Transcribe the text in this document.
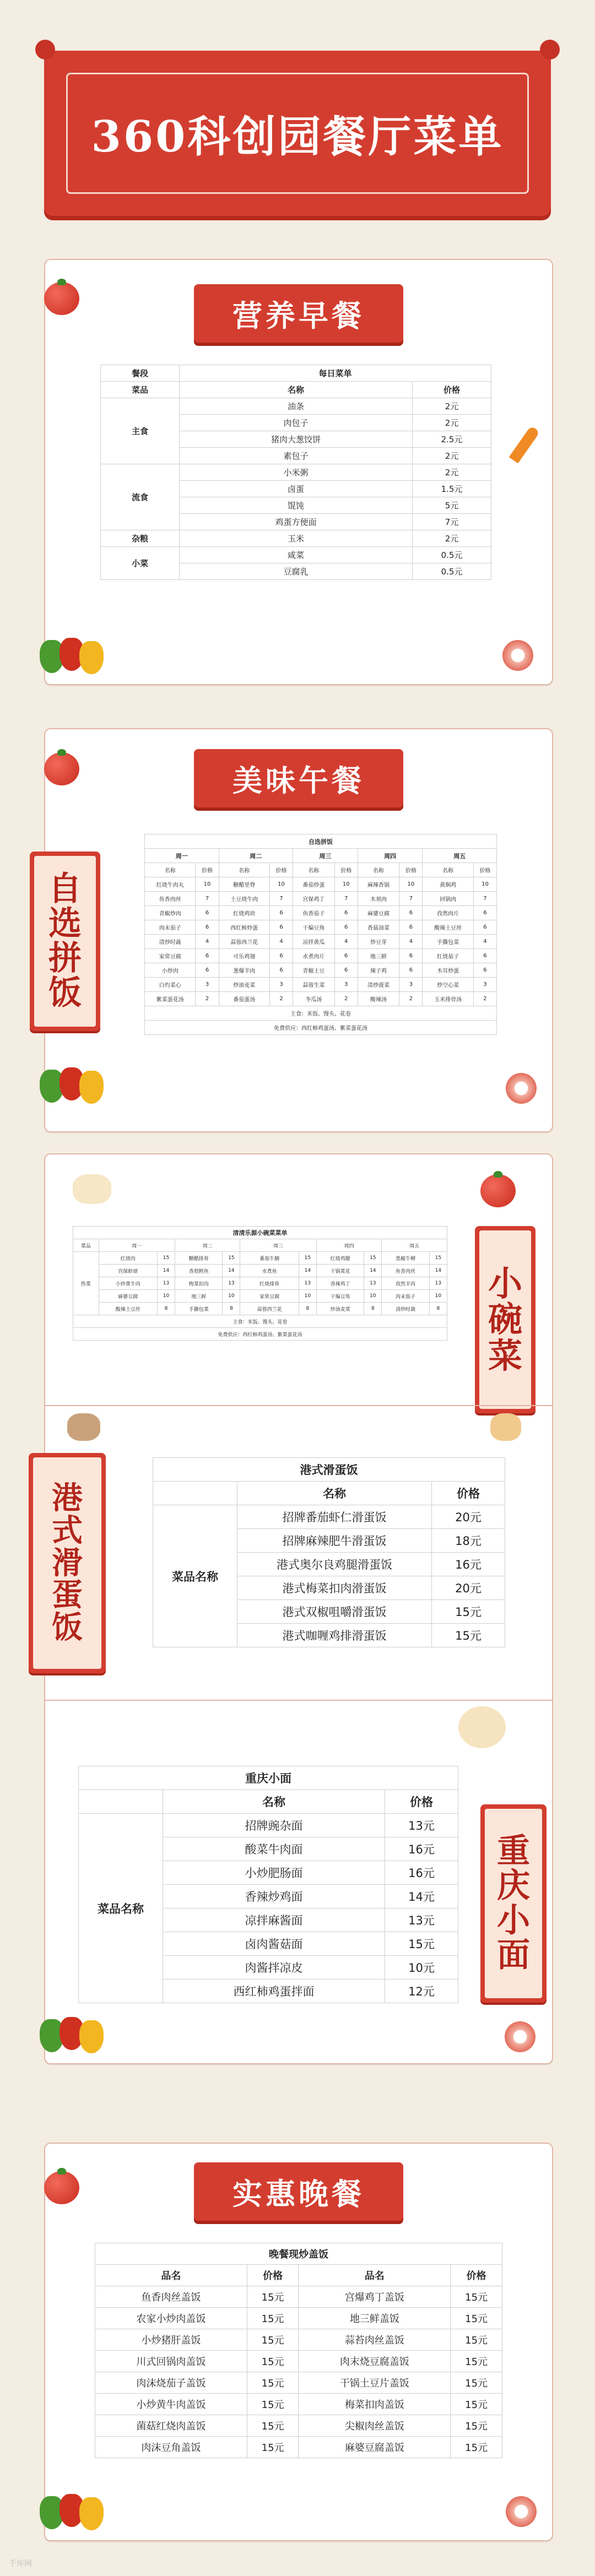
360科创园餐厅菜单
营养早餐
餐段	每日菜单	
菜品	名称	价格
主食	油条	2元
	肉包子	2元
	猪肉大葱饺饼	2.5元
	素包子	2元
流食	小米粥	2元
	卤蛋	1.5元
	馄饨	5元
	鸡蛋方便面	7元
杂粮	玉米	2元
小菜	咸菜	0.5元
	豆腐乳	0.5元
美味午餐
自
选
拼
饭
自选拼饭									
周一		周二		周三		周四		周五	
名称	价格	名称	价格	名称	价格	名称	价格	名称	价格
红烧牛肉丸	10	糖醋里脊	10	番茄炒蛋	10	麻辣香锅	10	黄焖鸡	10
鱼香肉丝	7	土豆烧牛肉	7	宫保鸡丁	7	木须肉	7	回锅肉	7
青椒炒肉	6	红烧鸡块	6	鱼香茄子	6	麻婆豆腐	6	孜然肉片	6
肉末茄子	6	西红柿炒蛋	6	干煸豆角	6	香菇油菜	6	酸辣土豆丝	6
清炒时蔬	4	蒜蓉西兰花	4	凉拌黄瓜	4	炒豆芽	4	手撕包菜	4
家常豆腐	6	可乐鸡翅	6	水煮肉片	6	地三鲜	6	红烧茄子	6
小炒肉	6	葱爆羊肉	6	青椒土豆	6	辣子鸡	6	木耳炒蛋	6
白灼菜心	3	炒油麦菜	3	蒜蓉生菜	3	清炒菠菜	3	炒空心菜	3
紫菜蛋花汤	2	番茄蛋汤	2	冬瓜汤	2	酸辣汤	2	玉米排骨汤	2
主食：米饭、馒头、花卷									
免费供应：西红柿鸡蛋汤、紫菜蛋花汤									
清清乐源小碗菜菜单										
菜品	周一		周二		周三		周四		周五	
热菜	红烧肉	15	糖醋排骨	15	番茄牛腩	15	红烧鸡腿	15	黑椒牛柳	15
	宫保虾球	14	香煎鳕鱼	14	水煮鱼	14	干锅菜花	14	鱼香肉丝	14
	小炒黄牛肉	13	梅菜扣肉	13	红烧排骨	13	香辣鸡丁	13	孜然羊肉	13
	麻婆豆腐	10	地三鲜	10	家常豆腐	10	干煸豆角	10	肉末茄子	10
	酸辣土豆丝	8	手撕包菜	8	蒜蓉西兰花	8	炒油麦菜	8	清炒时蔬	8
主食：米饭、馒头、花卷										
免费供应：西红柿鸡蛋汤、紫菜蛋花汤										
小
碗
菜
港
式
滑
蛋
饭
港式滑蛋饭		
	名称	价格
菜品名称	招牌番茄虾仁滑蛋饭	20元
	招牌麻辣肥牛滑蛋饭	18元
	港式奥尔良鸡腿滑蛋饭	16元
	港式梅菜扣肉滑蛋饭	20元
	港式双椒咀嚼滑蛋饭	15元
	港式咖喱鸡排滑蛋饭	15元
重庆小面		
	名称	价格
菜品名称	招牌豌杂面	13元
	酸菜牛肉面	16元
	小炒肥肠面	16元
	香辣炒鸡面	14元
	凉拌麻酱面	13元
	卤肉酱菇面	15元
	肉酱拌凉皮	10元
	西红柿鸡蛋拌面	12元
重
庆
小
面
实惠晚餐
晚餐现炒盖饭			
品名	价格	品名	价格
鱼香肉丝盖饭	15元	宫爆鸡丁盖饭	15元
农家小炒肉盖饭	15元	地三鲜盖饭	15元
小炒猪肝盖饭	15元	蒜苔肉丝盖饭	15元
川式回锅肉盖饭	15元	肉末烧豆腐盖饭	15元
肉沫烧茄子盖饭	15元	干锅土豆片盖饭	15元
小炒黄牛肉盖饭	15元	梅菜扣肉盖饭	15元
菌菇红烧肉盖饭	15元	尖椒肉丝盖饭	15元
肉沫豆角盖饭	15元	麻婆豆腐盖饭	15元
千库网
